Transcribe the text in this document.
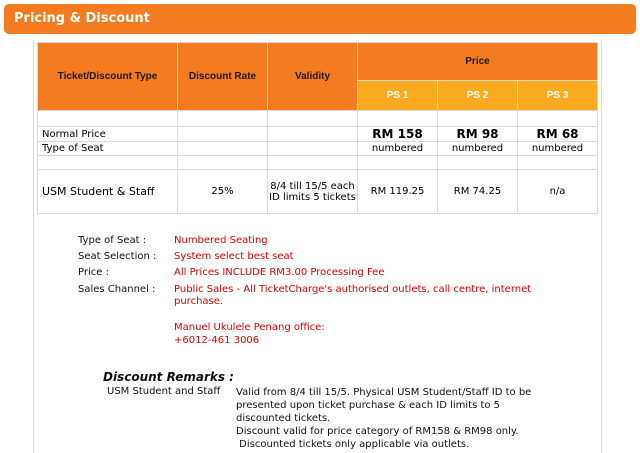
Pricing & Discount
Ticket/Discount Type	Discount Rate	Validity	Price		
			PS 1	PS 2	PS 3

Normal Price			RM 158	RM 98	RM 68
Type of Seat			numbered	numbered	numbered

USM Student & Staff	25%	8/4 till 15/5 each ID limits 5 tickets	RM 119.25	RM 74.25	n/a
Type of Seat :	Numbered Seating
Seat Selection :	System select best seat
Price :	All Prices INCLUDE RM3.00 Processing Fee
Sales Channel :	Public Sales - All TicketCharge's authorised outlets, call centre, internet
purchase.
Manuel Ukulele Penang office:
+6012-461 3006
Discount Remarks :
USM Student and Staff Valid from 8/4 till 15/5. Physical USM Student/Staff ID to be
presented upon ticket purchase & each ID limits to 5
discounted tickets.
Discount valid for price category of RM158 & RM98 only.
Discounted tickets only applicable via outlets.
